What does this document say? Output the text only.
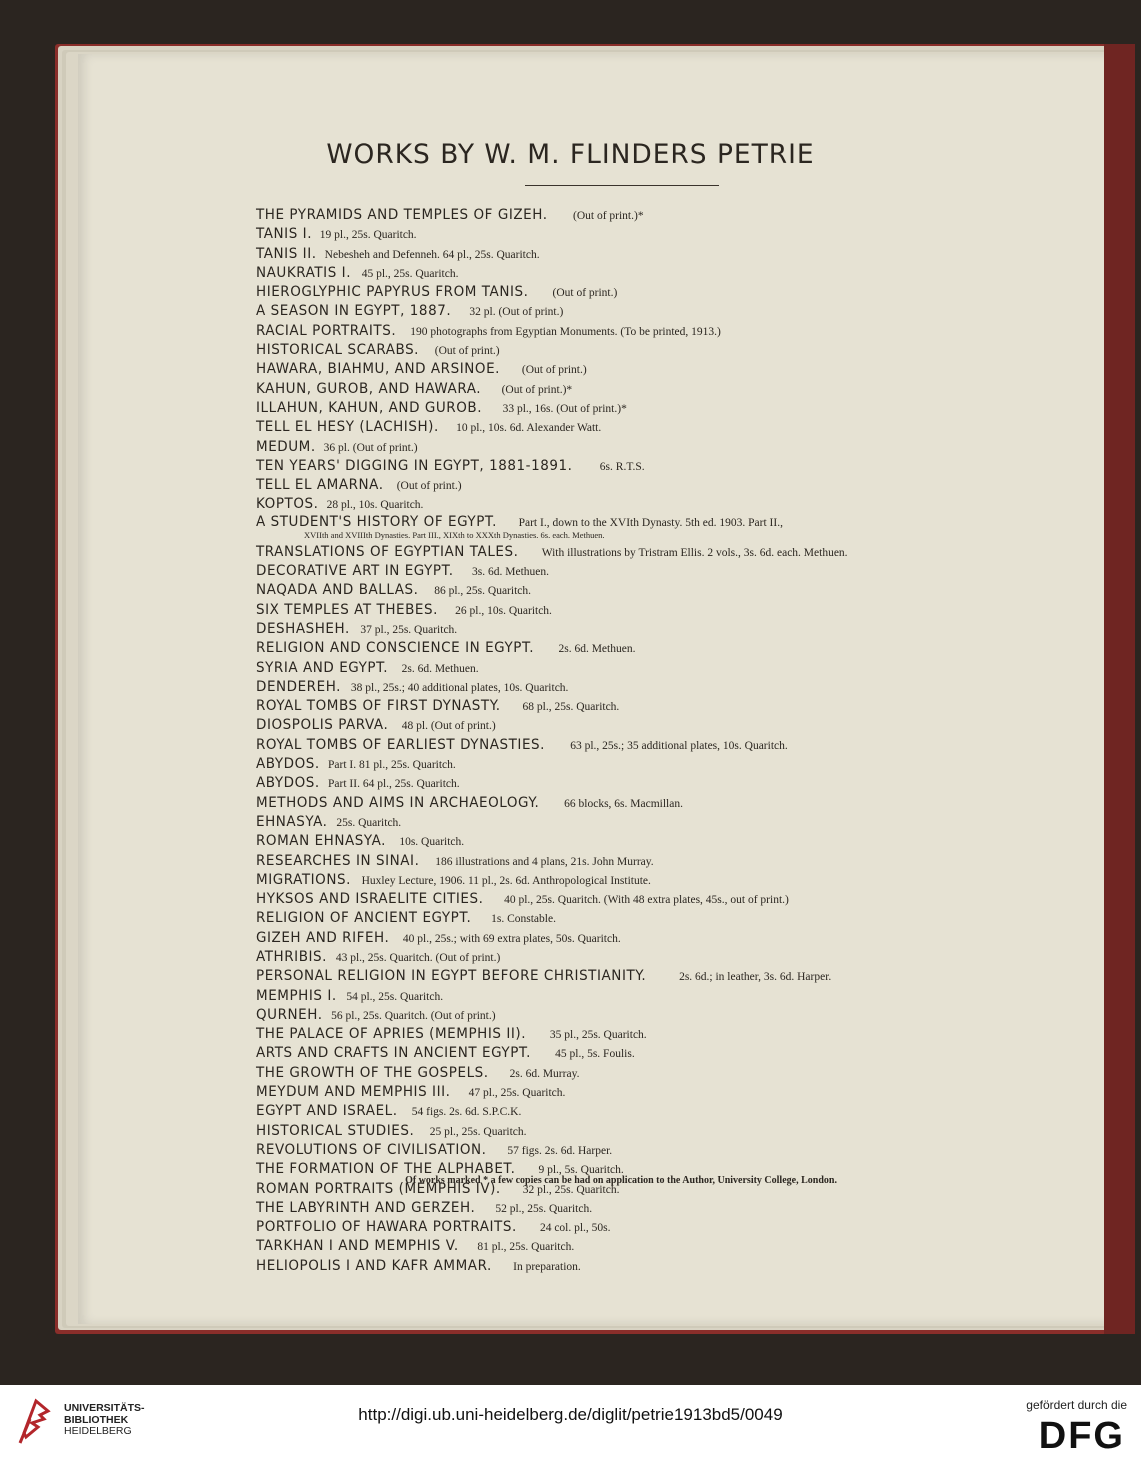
WORKS BY W. M. FLINDERS PETRIE
THE PYRAMIDS AND TEMPLES OF GIZEH. (Out of print.)*
TANIS I. 19 pl., 25s. Quaritch.
TANIS II. Nebesheh and Defenneh. 64 pl., 25s. Quaritch.
NAUKRATIS I. 45 pl., 25s. Quaritch.
HIEROGLYPHIC PAPYRUS FROM TANIS. (Out of print.)
A SEASON IN EGYPT, 1887. 32 pl. (Out of print.)
RACIAL PORTRAITS. 190 photographs from Egyptian Monuments. (To be printed, 1913.)
HISTORICAL SCARABS. (Out of print.)
HAWARA, BIAHMU, AND ARSINOE. (Out of print.)
KAHUN, GUROB, AND HAWARA. (Out of print.)*
ILLAHUN, KAHUN, AND GUROB. 33 pl., 16s. (Out of print.)*
TELL EL HESY (LACHISH). 10 pl., 10s. 6d. Alexander Watt.
MEDUM. 36 pl. (Out of print.)
TEN YEARS' DIGGING IN EGYPT, 1881-1891. 6s. R.T.S.
TELL EL AMARNA. (Out of print.)
KOPTOS. 28 pl., 10s. Quaritch.
A STUDENT'S HISTORY OF EGYPT. Part I., down to the XVIth Dynasty. 5th ed. 1903. Part II.,
XVIIth and XVIIIth Dynasties. Part III., XIXth to XXXth Dynasties. 6s. each. Methuen.
TRANSLATIONS OF EGYPTIAN TALES. With illustrations by Tristram Ellis. 2 vols., 3s. 6d. each. Methuen.
DECORATIVE ART IN EGYPT. 3s. 6d. Methuen.
NAQADA AND BALLAS. 86 pl., 25s. Quaritch.
SIX TEMPLES AT THEBES. 26 pl., 10s. Quaritch.
DESHASHEH. 37 pl., 25s. Quaritch.
RELIGION AND CONSCIENCE IN EGYPT. 2s. 6d. Methuen.
SYRIA AND EGYPT. 2s. 6d. Methuen.
DENDEREH. 38 pl., 25s.; 40 additional plates, 10s. Quaritch.
ROYAL TOMBS OF FIRST DYNASTY. 68 pl., 25s. Quaritch.
DIOSPOLIS PARVA. 48 pl. (Out of print.)
ROYAL TOMBS OF EARLIEST DYNASTIES. 63 pl., 25s.; 35 additional plates, 10s. Quaritch.
ABYDOS. Part I. 81 pl., 25s. Quaritch.
ABYDOS. Part II. 64 pl., 25s. Quaritch.
METHODS AND AIMS IN ARCHAEOLOGY. 66 blocks, 6s. Macmillan.
EHNASYA. 25s. Quaritch.
ROMAN EHNASYA. 10s. Quaritch.
RESEARCHES IN SINAI. 186 illustrations and 4 plans, 21s. John Murray.
MIGRATIONS. Huxley Lecture, 1906. 11 pl., 2s. 6d. Anthropological Institute.
HYKSOS AND ISRAELITE CITIES. 40 pl., 25s. Quaritch. (With 48 extra plates, 45s., out of print.)
RELIGION OF ANCIENT EGYPT. 1s. Constable.
GIZEH AND RIFEH. 40 pl., 25s.; with 69 extra plates, 50s. Quaritch.
ATHRIBIS. 43 pl., 25s. Quaritch. (Out of print.)
PERSONAL RELIGION IN EGYPT BEFORE CHRISTIANITY. 2s. 6d.; in leather, 3s. 6d. Harper.
MEMPHIS I. 54 pl., 25s. Quaritch.
QURNEH. 56 pl., 25s. Quaritch. (Out of print.)
THE PALACE OF APRIES (MEMPHIS II). 35 pl., 25s. Quaritch.
ARTS AND CRAFTS IN ANCIENT EGYPT. 45 pl., 5s. Foulis.
THE GROWTH OF THE GOSPELS. 2s. 6d. Murray.
MEYDUM AND MEMPHIS III. 47 pl., 25s. Quaritch.
EGYPT AND ISRAEL. 54 figs. 2s. 6d. S.P.C.K.
HISTORICAL STUDIES. 25 pl., 25s. Quaritch.
REVOLUTIONS OF CIVILISATION. 57 figs. 2s. 6d. Harper.
THE FORMATION OF THE ALPHABET. 9 pl., 5s. Quaritch.
ROMAN PORTRAITS (MEMPHIS IV). 32 pl., 25s. Quaritch.
THE LABYRINTH AND GERZEH. 52 pl., 25s. Quaritch.
PORTFOLIO OF HAWARA PORTRAITS. 24 col. pl., 50s.
TARKHAN I AND MEMPHIS V. 81 pl., 25s. Quaritch.
HELIOPOLIS I AND KAFR AMMAR. In preparation.
Of works marked * a few copies can be had on application to the Author, University College, London.
UNIVERSITÄTS-
BIBLIOTHEK
HEIDELBERG
http://digi.ub.uni-heidelberg.de/diglit/petrie1913bd5/0049	gefördert durch die
DFG
